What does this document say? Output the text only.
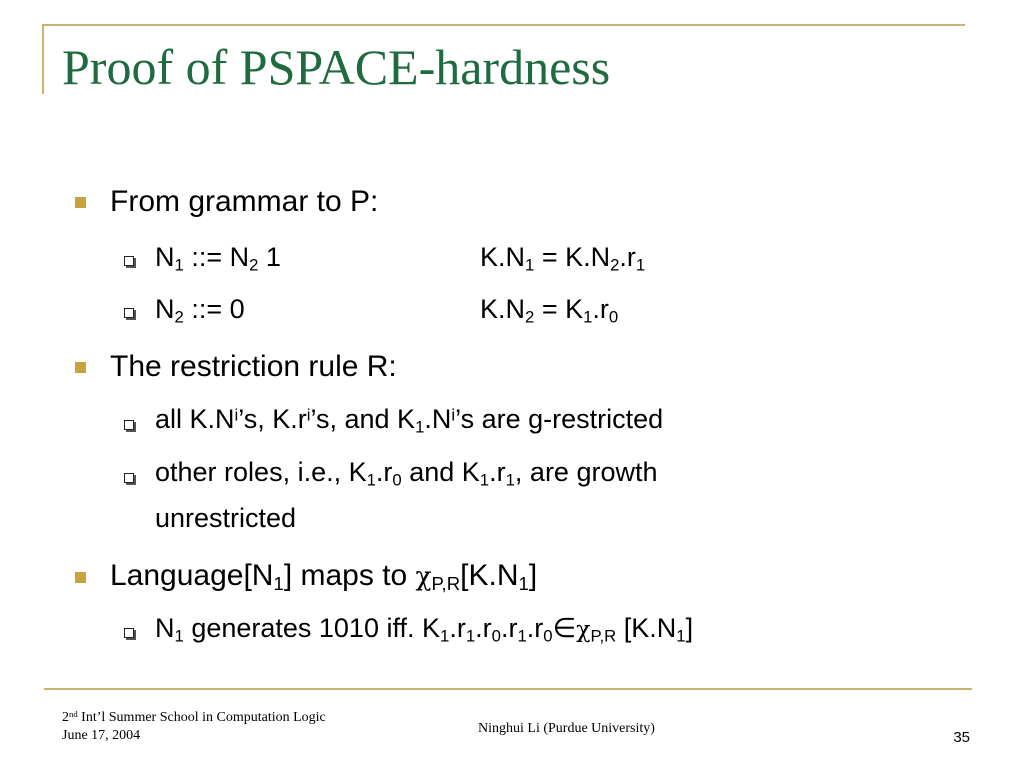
Proof of PSPACE-hardness
From grammar to P:
$N_1$ ::= $N_2$ 1	$K.N_1 = K.N_2.r_1$
$N_2$ ::= 0	$K.N_2 = K_1.r_0$
The restriction rule R:
all $K.N^i’s$, $K.r^i’s$, and $K_1.N^i’s$ are g-restricted
other roles, i.e., $K_1.r_0$ and $K_1.r_1$, are growth
unrestricted
$Language[N_1]$ maps to $\chi_{P,R}[K.N_1]$
$N_1$ generates 1010 iff. $K_1.r_1.r_0.r_1.r_0\in\chi_{P,R}$ $[K.N_1]$
2nd Int’l Summer School in Computation Logic
June 17, 2004	Ninghui Li (Purdue University)
35
